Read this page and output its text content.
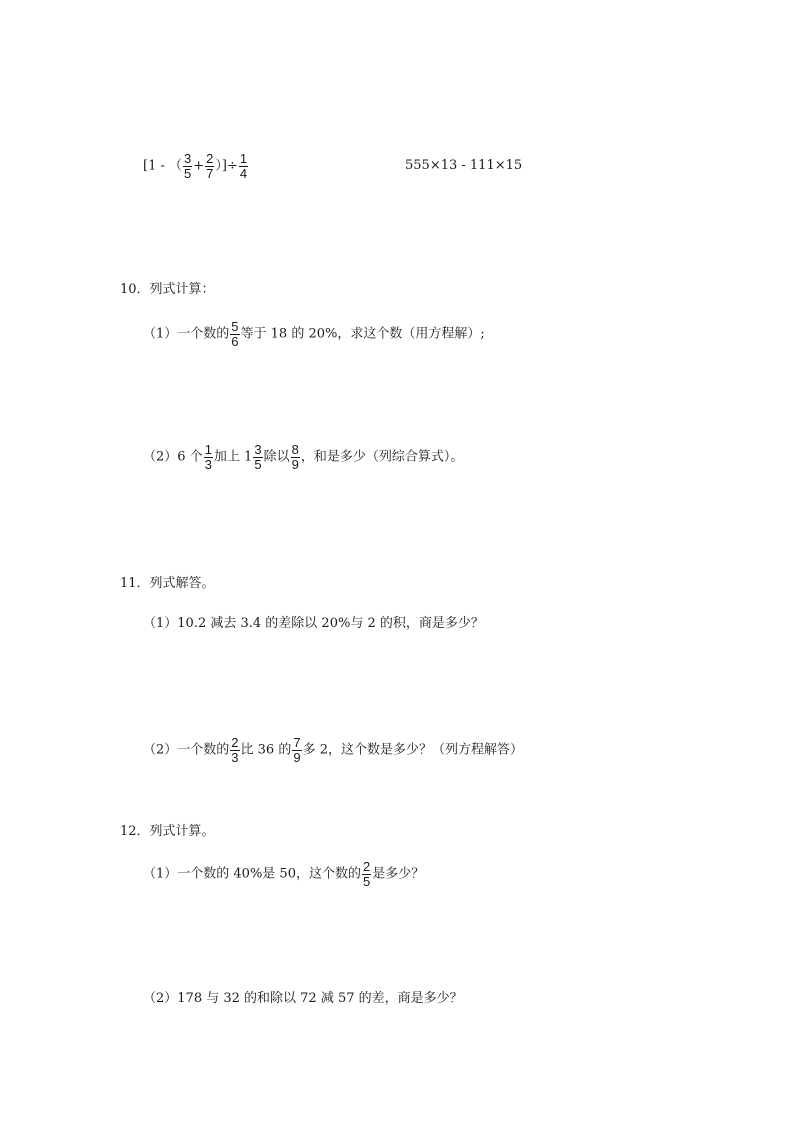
[1 - （ $\frac{3}{5} + \frac{2}{7}$ ）]÷ $\frac{1}{4}$	555×13 - 111×15
10．列式计算：
（1）一个数的 $\frac{5}{6}$ 等于 18 的 20%，求这个数（用方程解）;
（2）6 个 $\frac{1}{3}$ 加上 $1 \frac{3}{5}$ 除以 $\frac{8}{9}$ ，和是多少（列综合算式）。
11．列式解答。
（1）10.2 减去 3.4 的差除以 20%与 2 的积，商是多少？
（2）一个数的 $\frac{2}{3}$ 比 36 的 $\frac{7}{9}$ 多 2，这个数是多少？（列方程解答）
12．列式计算。
（1）一个数的 40%是 50，这个数的 $\frac{2}{5}$ 是多少？
（2）178 与 32 的和除以 72 减 57 的差，商是多少？
